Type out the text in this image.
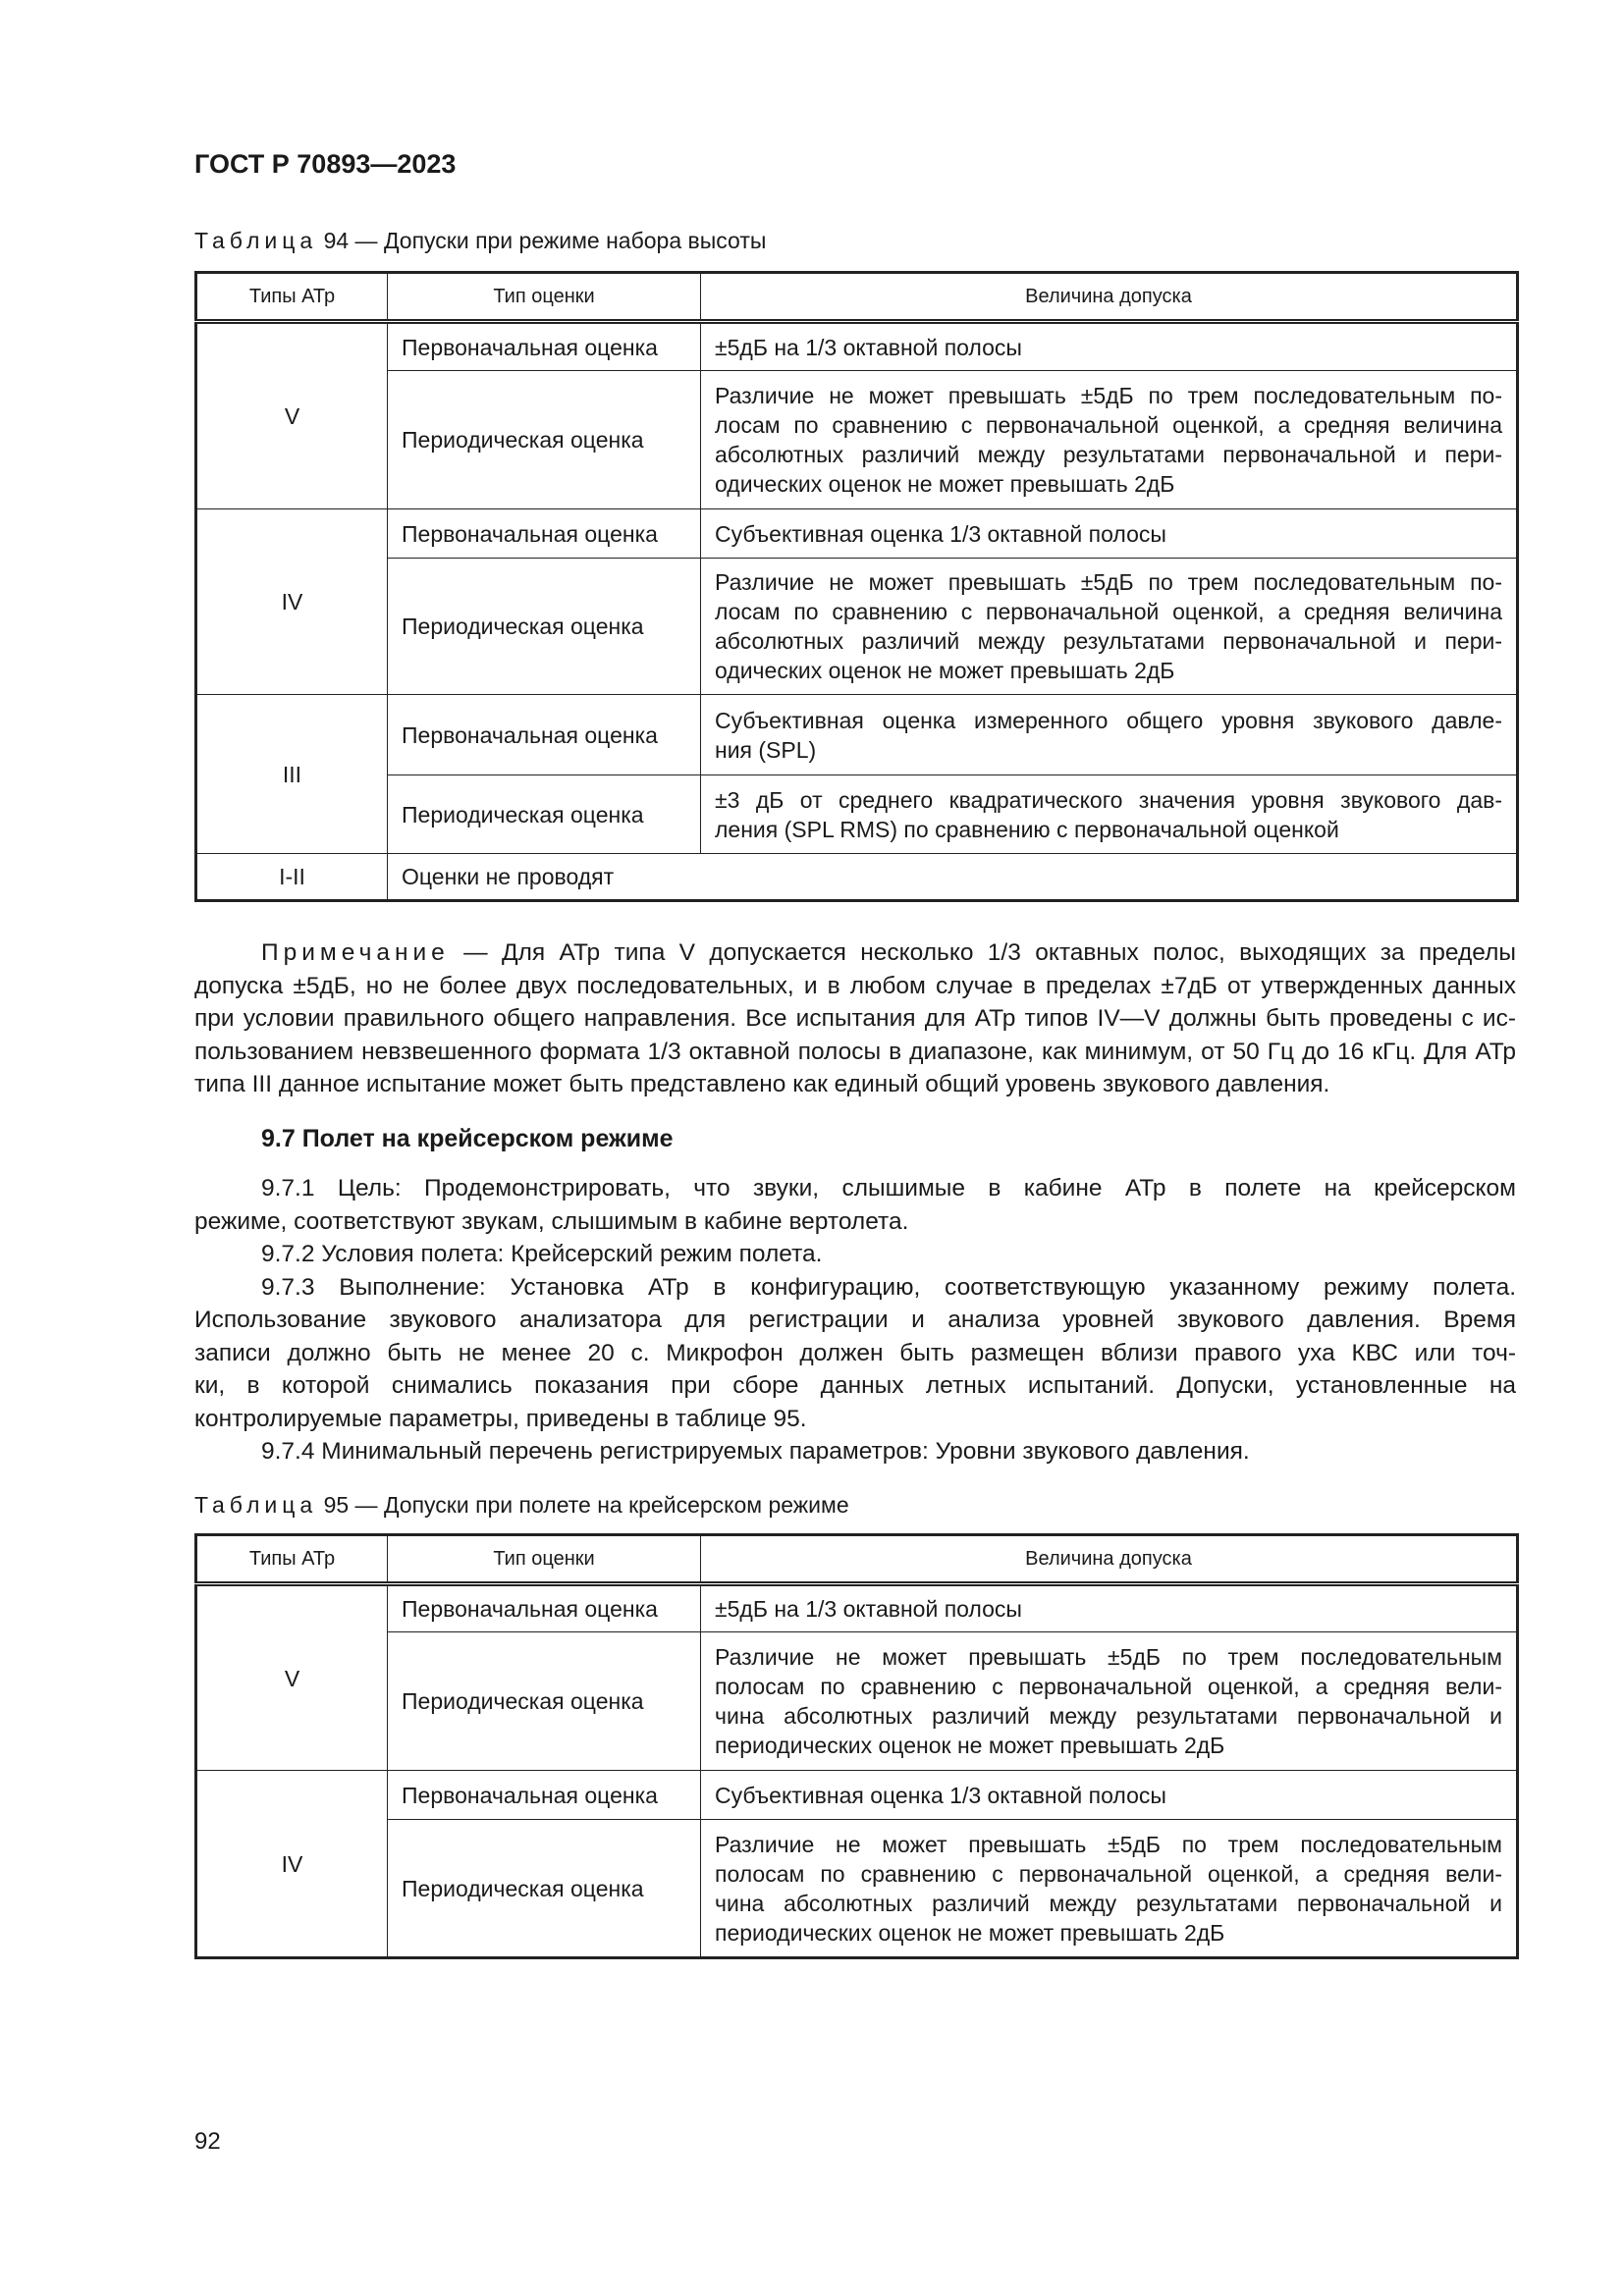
ГОСТ Р 70893—2023
Таблица 94 — Допуски при режиме набора высоты
Типы АТр	Тип оценки	Величина допуска
V	Первоначальная оценка	±5дБ на 1/3 октавной полосы

	Периодическая оценка	Различие не может превышать ±5дБ по трем последовательным по-
лосам по сравнению с первоначальной оценкой, а средняя величина
абсолютных различий между результатами первоначальной и пери-
одических оценок не может превышать 2дБ

IV	Первоначальная оценка	Субъективная оценка 1/3 октавной полосы

	Периодическая оценка	Различие не может превышать ±5дБ по трем последовательным по-
лосам по сравнению с первоначальной оценкой, а средняя величина
абсолютных различий между результатами первоначальной и пери-
одических оценок не может превышать 2дБ

III	Первоначальная оценка	Субъективная оценка измеренного общего уровня звукового давле-
ния (SPL)

	Периодическая оценка	±3 дБ от среднего квадратического значения уровня звукового дав-
ления (SPL RMS) по сравнению с первоначальной оценкой

I-II	Оценки не проводят	
Примечание — Для АТр типа V допускается несколько 1/3 октавных полос, выходящих за пределы
допуска ±5дБ, но не более двух последовательных, и в любом случае в пределах ±7дБ от утвержденных данных
при условии правильного общего направления. Все испытания для АТр типов IV—V должны быть проведены с ис-
пользованием невзвешенного формата 1/3 октавной полосы в диапазоне, как минимум, от 50 Гц до 16 кГц. Для АТр
типа III данное испытание может быть представлено как единый общий уровень звукового давления.
9.7 Полет на крейсерском режиме
9.7.1 Цель: Продемонстрировать, что звуки, слышимые в кабине АТр в полете на крейсерском
режиме, соответствуют звукам, слышимым в кабине вертолета.
9.7.2 Условия полета: Крейсерский режим полета.
9.7.3 Выполнение: Установка АТр в конфигурацию, соответствующую указанному режиму полета.
Использование звукового анализатора для регистрации и анализа уровней звукового давления. Время
записи должно быть не менее 20 с. Микрофон должен быть размещен вблизи правого уха КВС или точ-
ки, в которой снимались показания при сборе данных летных испытаний. Допуски, установленные на
контролируемые параметры, приведены в таблице 95.
9.7.4 Минимальный перечень регистрируемых параметров: Уровни звукового давления.
Таблица 95 — Допуски при полете на крейсерском режиме
Типы АТр	Тип оценки	Величина допуска
V	Первоначальная оценка	±5дБ на 1/3 октавной полосы

	Периодическая оценка	Различие не может превышать ±5дБ по трем последовательным
полосам по сравнению с первоначальной оценкой, а средняя вели-
чина абсолютных различий между результатами первоначальной и
периодических оценок не может превышать 2дБ

IV	Первоначальная оценка	Субъективная оценка 1/3 октавной полосы

	Периодическая оценка	Различие не может превышать ±5дБ по трем последовательным
полосам по сравнению с первоначальной оценкой, а средняя вели-
чина абсолютных различий между результатами первоначальной и
периодических оценок не может превышать 2дБ
92
